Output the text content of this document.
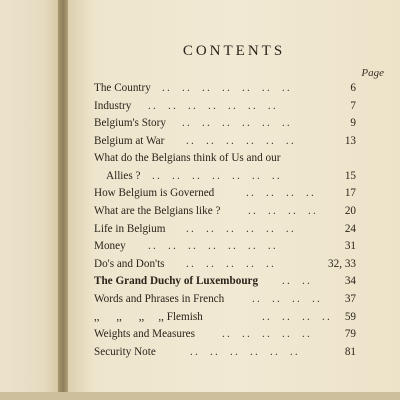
CONTENTS
Page
The Country ..  ..  ..  ..  ..  ..  ..	6
Industry ..  ..  ..  ..  ..  ..  ..	7
Belgium's Story ..  ..  ..  ..  ..  ..	9
Belgium at War ..  ..  ..  ..  ..  ..	13
What do the Belgians think of Us and our
Allies ?	..  ..  ..  ..  ..  ..  ..	15
How Belgium is Governed	..  ..  ..  ..	17
What are the Belgians like ? ..  ..  ..  ..	20
Life in Belgium ..  ..  ..  ..  ..  ..	24
Money ..  ..  ..  ..  ..  ..  ..	31
Do's and Don'ts ..  ..  ..  ..  ..	32, 33
The Grand Duchy of Luxembourg ..  ..	34
Words and Phrases in French ..  ..  ..  ..	37
,,      ,,      ,,     ,, Flemish	..  ..  ..  ..	59
Weights and Measures ..  ..  ..  ..  ..	79
Security Note	..  ..  ..  ..  ..  ..	81
